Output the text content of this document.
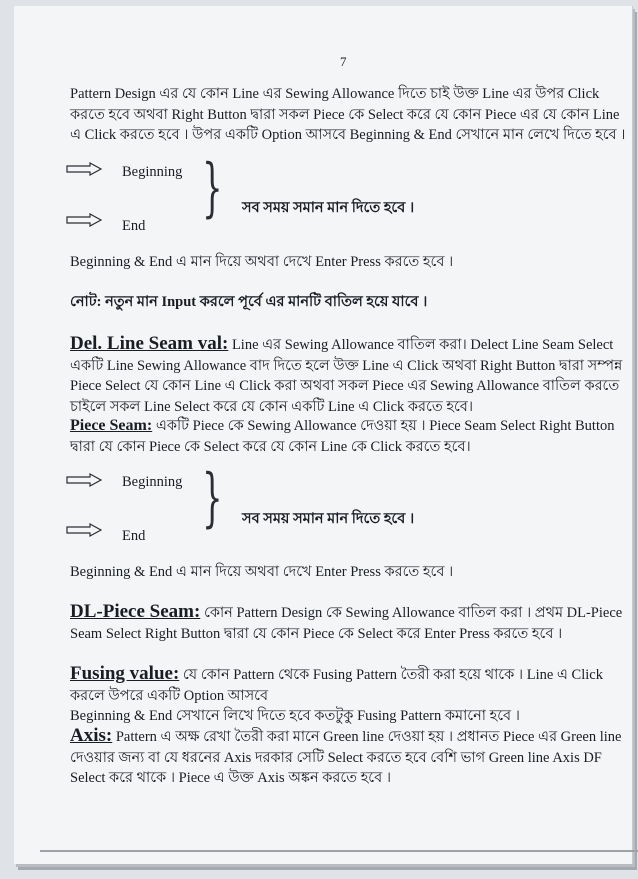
7
Pattern Design এর যে কোন Line এর Sewing Allowance দিতে চাই উক্ত Line এর উপর Click করতে হবে অথবা Right Button দ্বারা সকল Piece কে Select করে যে কোন Piece এর যে কোন Line এ Click করতে হবে । উপর একটি Option আসবে Beginning & End সেখানে মান লেখে দিতে হবে ।
Beginning
End
} সব সময় সমান মান দিতে হবে ।
Beginning & End এ মান দিয়ে অথবা দেখে Enter Press করতে হবে ।
নোট: নতুন মান Input করলে পূর্বে এর মানটি বাতিল হয়ে যাবে ।
Del. Line Seam val: Line এর Sewing Allowance বাতিল করা। Delect Line Seam Select একটি Line Sewing Allowance বাদ দিতে হলে উক্ত Line এ Click অথবা Right Button দ্বারা সম্পন্ন Piece Select যে কোন Line এ Click করা অথবা সকল Piece এর Sewing Allowance বাতিল করতে চাইলে সকল Line Select করে যে কোন একটি Line এ Click করতে হবে।
Piece Seam: একটি Piece কে Sewing Allowance দেওয়া হয় । Piece Seam Select Right Button দ্বারা যে কোন Piece কে Select করে যে কোন Line কে Click করতে হবে।
Beginning
End
} সব সময় সমান মান দিতে হবে ।
Beginning & End এ মান দিয়ে অথবা দেখে Enter Press করতে হবে ।
DL-Piece Seam: কোন Pattern Design কে Sewing Allowance বাতিল করা । প্রথম DL-Piece Seam Select Right Button দ্বারা যে কোন Piece কে Select করে Enter Press করতে হবে ।
Fusing value: যে কোন Pattern থেকে Fusing Pattern তৈরী করা হয়ে থাকে । Line এ Click করলে উপরে একটি Option আসবে
Beginning & End সেখানে লিখে দিতে হবে কতটুকু Fusing Pattern কমানো হবে ।
Axis: Pattern এ অক্ষ রেখা তৈরী করা মানে Green line দেওয়া হয় । প্রধানত Piece এর Green line দেওয়ার জন্য বা যে ধরনের Axis দরকার সেটি Select করতে হবে বেশি ভাগ Green line Axis DF Select করে থাকে । Piece এ উক্ত Axis অঙ্কন করতে হবে ।
